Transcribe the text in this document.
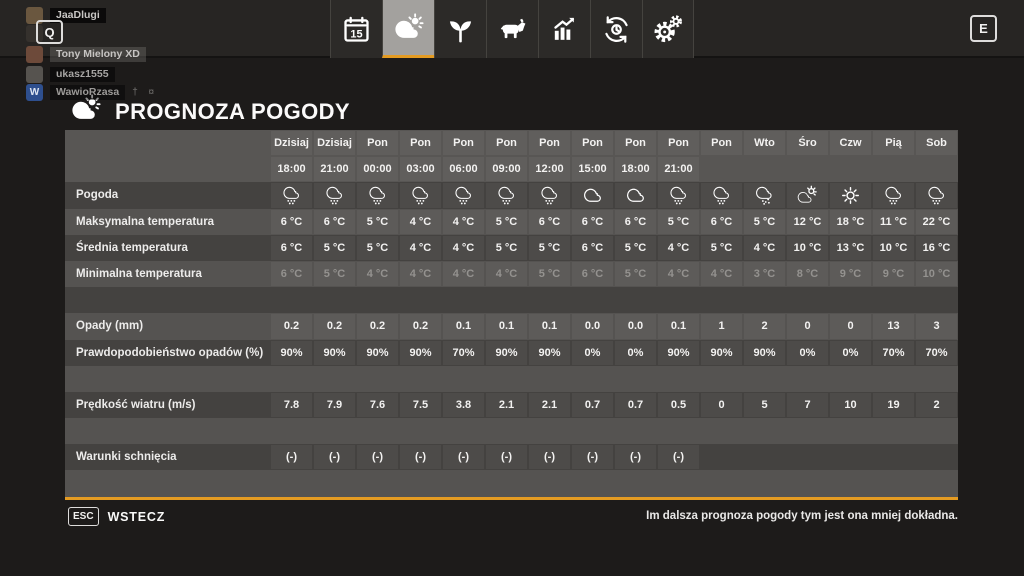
15	E
JaaDlugi
Q
Tony Mielony XD
ukasz1555
W	WawioRzasa	† ¤
PROGNOZA POGODY
Dzisiaj Dzisiaj	Pon	Pon	Pon	Pon	Pon	Pon	Pon	Pon	Pon	Wto	Śro	Czw	Pią	Sob
18:00	21:00	00:00	03:00	06:00	09:00	12:00	15:00	18:00	21:00
Pogoda
Maksymalna temperatura	6 °C	6 °C	5 °C	4 °C	4 °C	5 °C	6 °C	6 °C	6 °C	5 °C	6 °C	5 °C	12 °C	18 °C	11 °C	22 °C
Średnia temperatura	6 °C	5 °C	5 °C	4 °C	4 °C	5 °C	5 °C	6 °C	5 °C	4 °C	5 °C	4 °C	10 °C	13 °C	10 °C	16 °C
Minimalna temperatura	6 °C	5 °C	4 °C	4 °C	4 °C	4 °C	5 °C	6 °C	5 °C	4 °C	4 °C	3 °C	8 °C	9 °C	9 °C	10 °C
Opady (mm)	0.2	0.2	0.2	0.2	0.1	0.1	0.1	0.0	0.0	0.1	1	2	0	0	13	3
Prawdopodobieństwo opadów (%)	90%	90%	90%	90%	70%	90%	90%	0%	0%	90%	90%	90%	0%	0%	70%	70%
Prędkość wiatru (m/s)	7.8	7.9	7.6	7.5	3.8	2.1	2.1	0.7	0.7	0.5	0	5	7	10	19	2
Warunki schnięcia	(-)	(-)	(-)	(-)	(-)	(-)	(-)	(-)	(-)	(-)
ESC	WSTECZ	Im dalsza prognoza pogody tym jest ona mniej dokładna.
